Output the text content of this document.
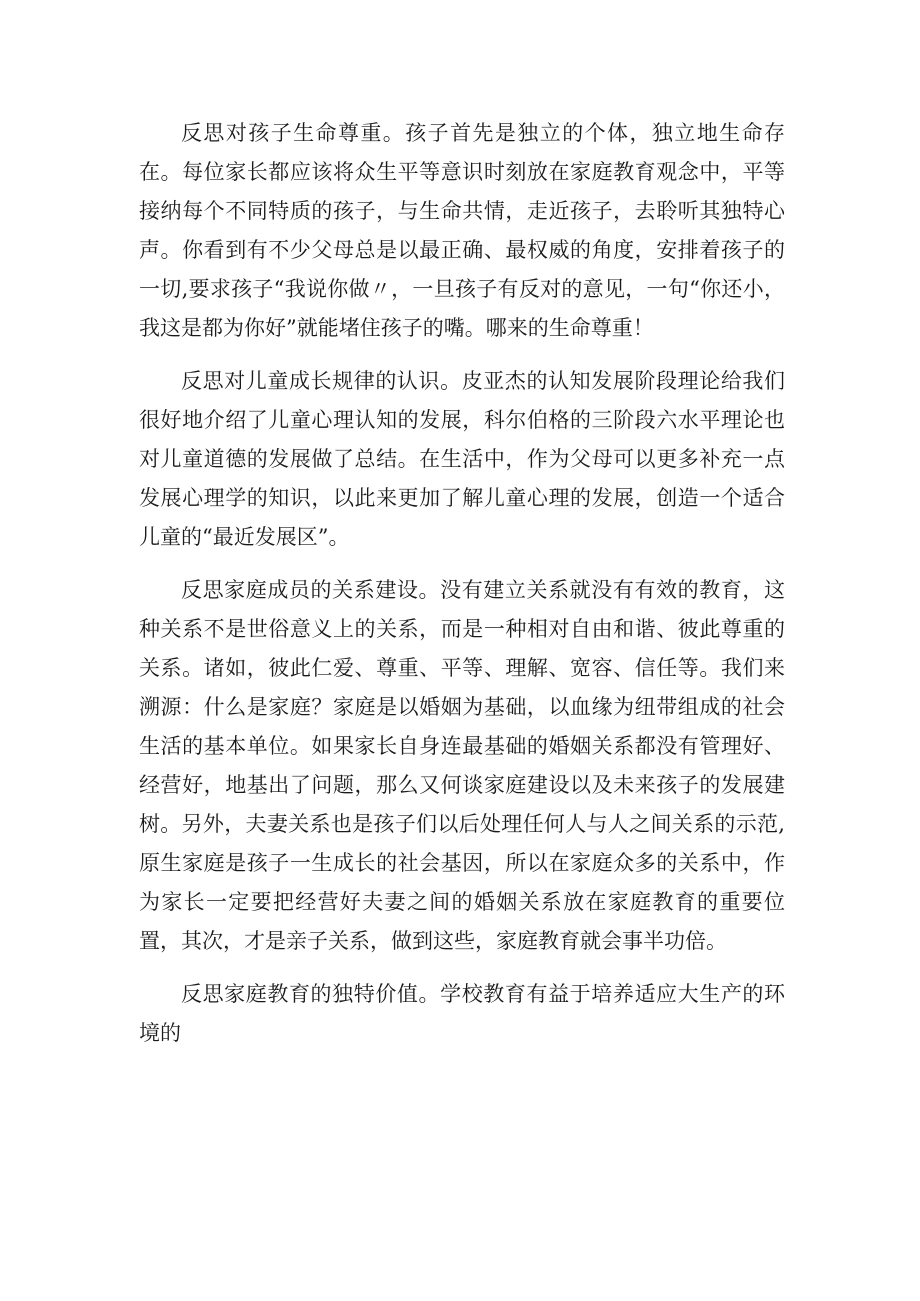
反思对孩子生命尊重。孩子首先是独立的个体，独立地生命存在。每位家长都应该将众生平等意识时刻放在家庭教育观念中，平等接纳每个不同特质的孩子，与生命共情，走近孩子，去聆听其独特心声。你看到有不少父母总是以最正确、最权威的角度，安排着孩子的一切,要求孩子“我说你做〃，一旦孩子有反对的意见，一句“你还小，我这是都为你好”就能堵住孩子的嘴。哪来的生命尊重！

反思对儿童成长规律的认识。皮亚杰的认知发展阶段理论给我们很好地介绍了儿童心理认知的发展，科尔伯格的三阶段六水平理论也对儿童道德的发展做了总结。在生活中，作为父母可以更多补充一点发展心理学的知识，以此来更加了解儿童心理的发展，创造一个适合儿童的“最近发展区”。

反思家庭成员的关系建设。没有建立关系就没有有效的教育，这种关系不是世俗意义上的关系，而是一种相对自由和谐、彼此尊重的关系。诸如，彼此仁爱、尊重、平等、理解、宽容、信任等。我们来溯源：什么是家庭？家庭是以婚姻为基础，以血缘为纽带组成的社会生活的基本单位。如果家长自身连最基础的婚姻关系都没有管理好、经营好，地基出了问题，那么又何谈家庭建设以及未来孩子的发展建树。另外，夫妻关系也是孩子们以后处理任何人与人之间关系的示范,原生家庭是孩子一生成长的社会基因，所以在家庭众多的关系中，作为家长一定要把经营好夫妻之间的婚姻关系放在家庭教育的重要位置，其次，才是亲子关系，做到这些，家庭教育就会事半功倍。

反思家庭教育的独特价值。学校教育有益于培养适应大生产的环境的
